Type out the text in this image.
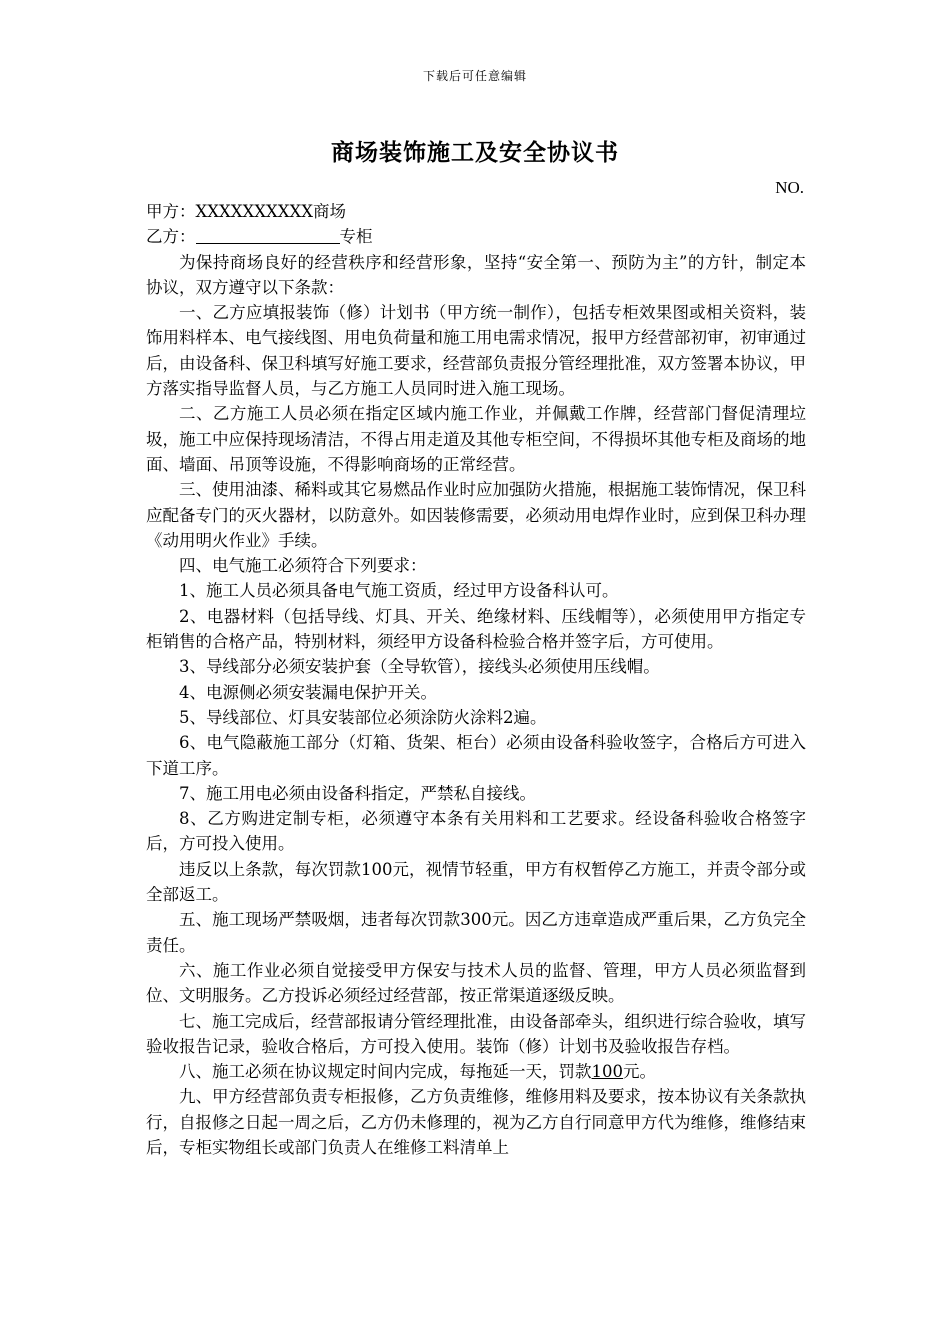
下载后可任意编辑
商场装饰施工及安全协议书
NO.

甲方：XXXXXXXXXX商场

乙方：	专柜

为保持商场良好的经营秩序和经营形象，坚持“安全第一、预防为主”的方针，制定本协议，双方遵守以下条款：

一、乙方应填报装饰（修）计划书（甲方统一制作），包括专柜效果图或相关资料，装饰用料样本、电气接线图、用电负荷量和施工用电需求情况，报甲方经营部初审，初审通过后，由设备科、保卫科填写好施工要求，经营部负责报分管经理批准，双方签署本协议，甲方落实指导监督人员，与乙方施工人员同时进入施工现场。

二、乙方施工人员必须在指定区域内施工作业，并佩戴工作牌，经营部门督促清理垃圾，施工中应保持现场清洁，不得占用走道及其他专柜空间，不得损坏其他专柜及商场的地面、墙面、吊顶等设施，不得影响商场的正常经营。

三、使用油漆、稀料或其它易燃品作业时应加强防火措施，根据施工装饰情况，保卫科应配备专门的灭火器材，以防意外。如因装修需要，必须动用电焊作业时，应到保卫科办理《动用明火作业》手续。

四、电气施工必须符合下列要求：

1、施工人员必须具备电气施工资质，经过甲方设备科认可。

2、电器材料（包括导线、灯具、开关、绝缘材料、压线帽等），必须使用甲方指定专柜销售的合格产品，特别材料，须经甲方设备科检验合格并签字后，方可使用。

3、导线部分必须安装护套（全导软管），接线头必须使用压线帽。

4、电源侧必须安装漏电保护开关。

5、导线部位、灯具安装部位必须涂防火涂料2遍。

6、电气隐蔽施工部分（灯箱、货架、柜台）必须由设备科验收签字，合格后方可进入下道工序。

7、施工用电必须由设备科指定，严禁私自接线。

8、乙方购进定制专柜，必须遵守本条有关用料和工艺要求。经设备科验收合格签字后，方可投入使用。

违反以上条款，每次罚款100元，视情节轻重，甲方有权暂停乙方施工，并责令部分或全部返工。

五、施工现场严禁吸烟，违者每次罚款300元。因乙方违章造成严重后果，乙方负完全责任。

六、施工作业必须自觉接受甲方保安与技术人员的监督、管理，甲方人员必须监督到位、文明服务。乙方投诉必须经过经营部，按正常渠道逐级反映。

七、施工完成后，经营部报请分管经理批准，由设备部牵头，组织进行综合验收，填写验收报告记录，验收合格后，方可投入使用。装饰（修）计划书及验收报告存档。

八、施工必须在协议规定时间内完成，每拖延一天，罚款100元。

九、甲方经营部负责专柜报修，乙方负责维修，维修用料及要求，按本协议有关条款执行，自报修之日起一周之后，乙方仍未修理的，视为乙方自行同意甲方代为维修，维修结束后，专柜实物组长或部门负责人在维修工料清单上
